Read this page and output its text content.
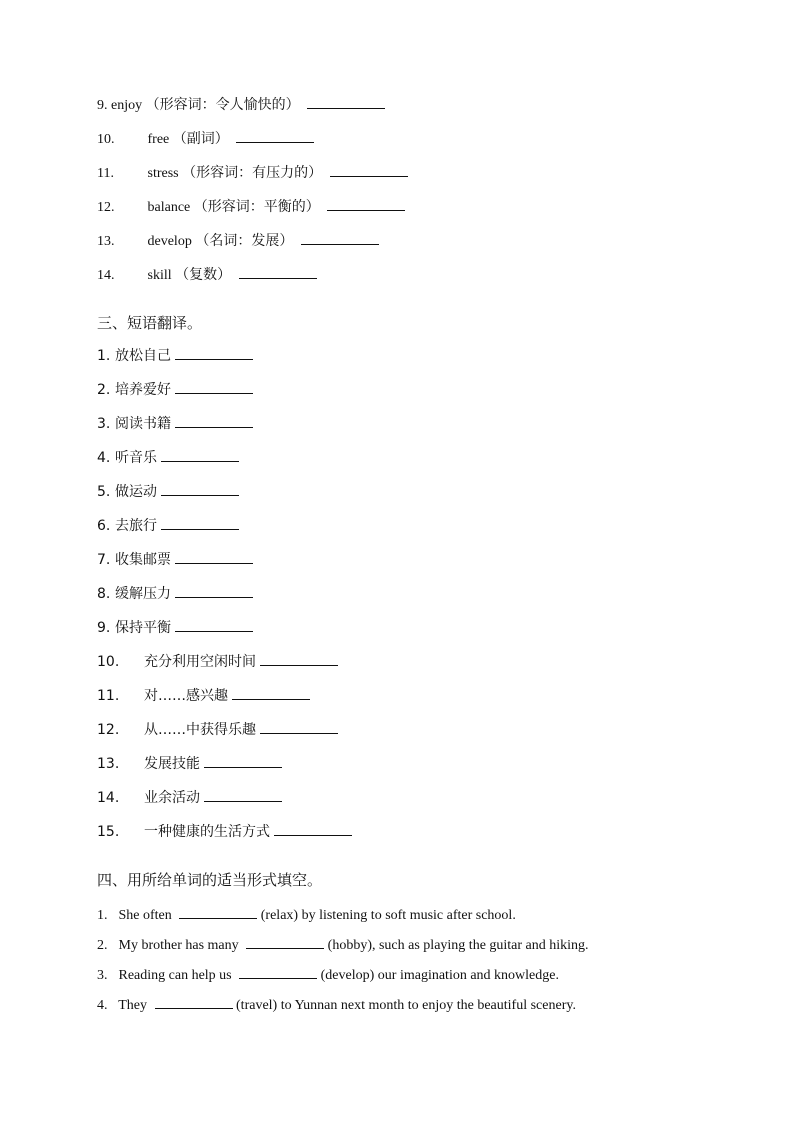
9. enjoy （形容词：令人愉快的）
10. free （副词）
11. stress （形容词：有压力的）
12. balance （形容词：平衡的）
13. develop （名词：发展）
14. skill （复数）
三、短语翻译。
1. 放松自己
2. 培养爱好
3. 阅读书籍
4. 听音乐
5. 做运动
6. 去旅行
7. 收集邮票
8. 缓解压力
9. 保持平衡
10. 充分利用空闲时间
11. 对……感兴趣
12. 从……中获得乐趣
13. 发展技能
14. 业余活动
15. 一种健康的生活方式
四、用所给单词的适当形式填空。
1. She often	(relax) by listening to soft music after school.
2. My brother has many	(hobby), such as playing the guitar and hiking.
3. Reading can help us	(develop) our imagination and knowledge.
4. They	(travel) to Yunnan next month to enjoy the beautiful scenery.
